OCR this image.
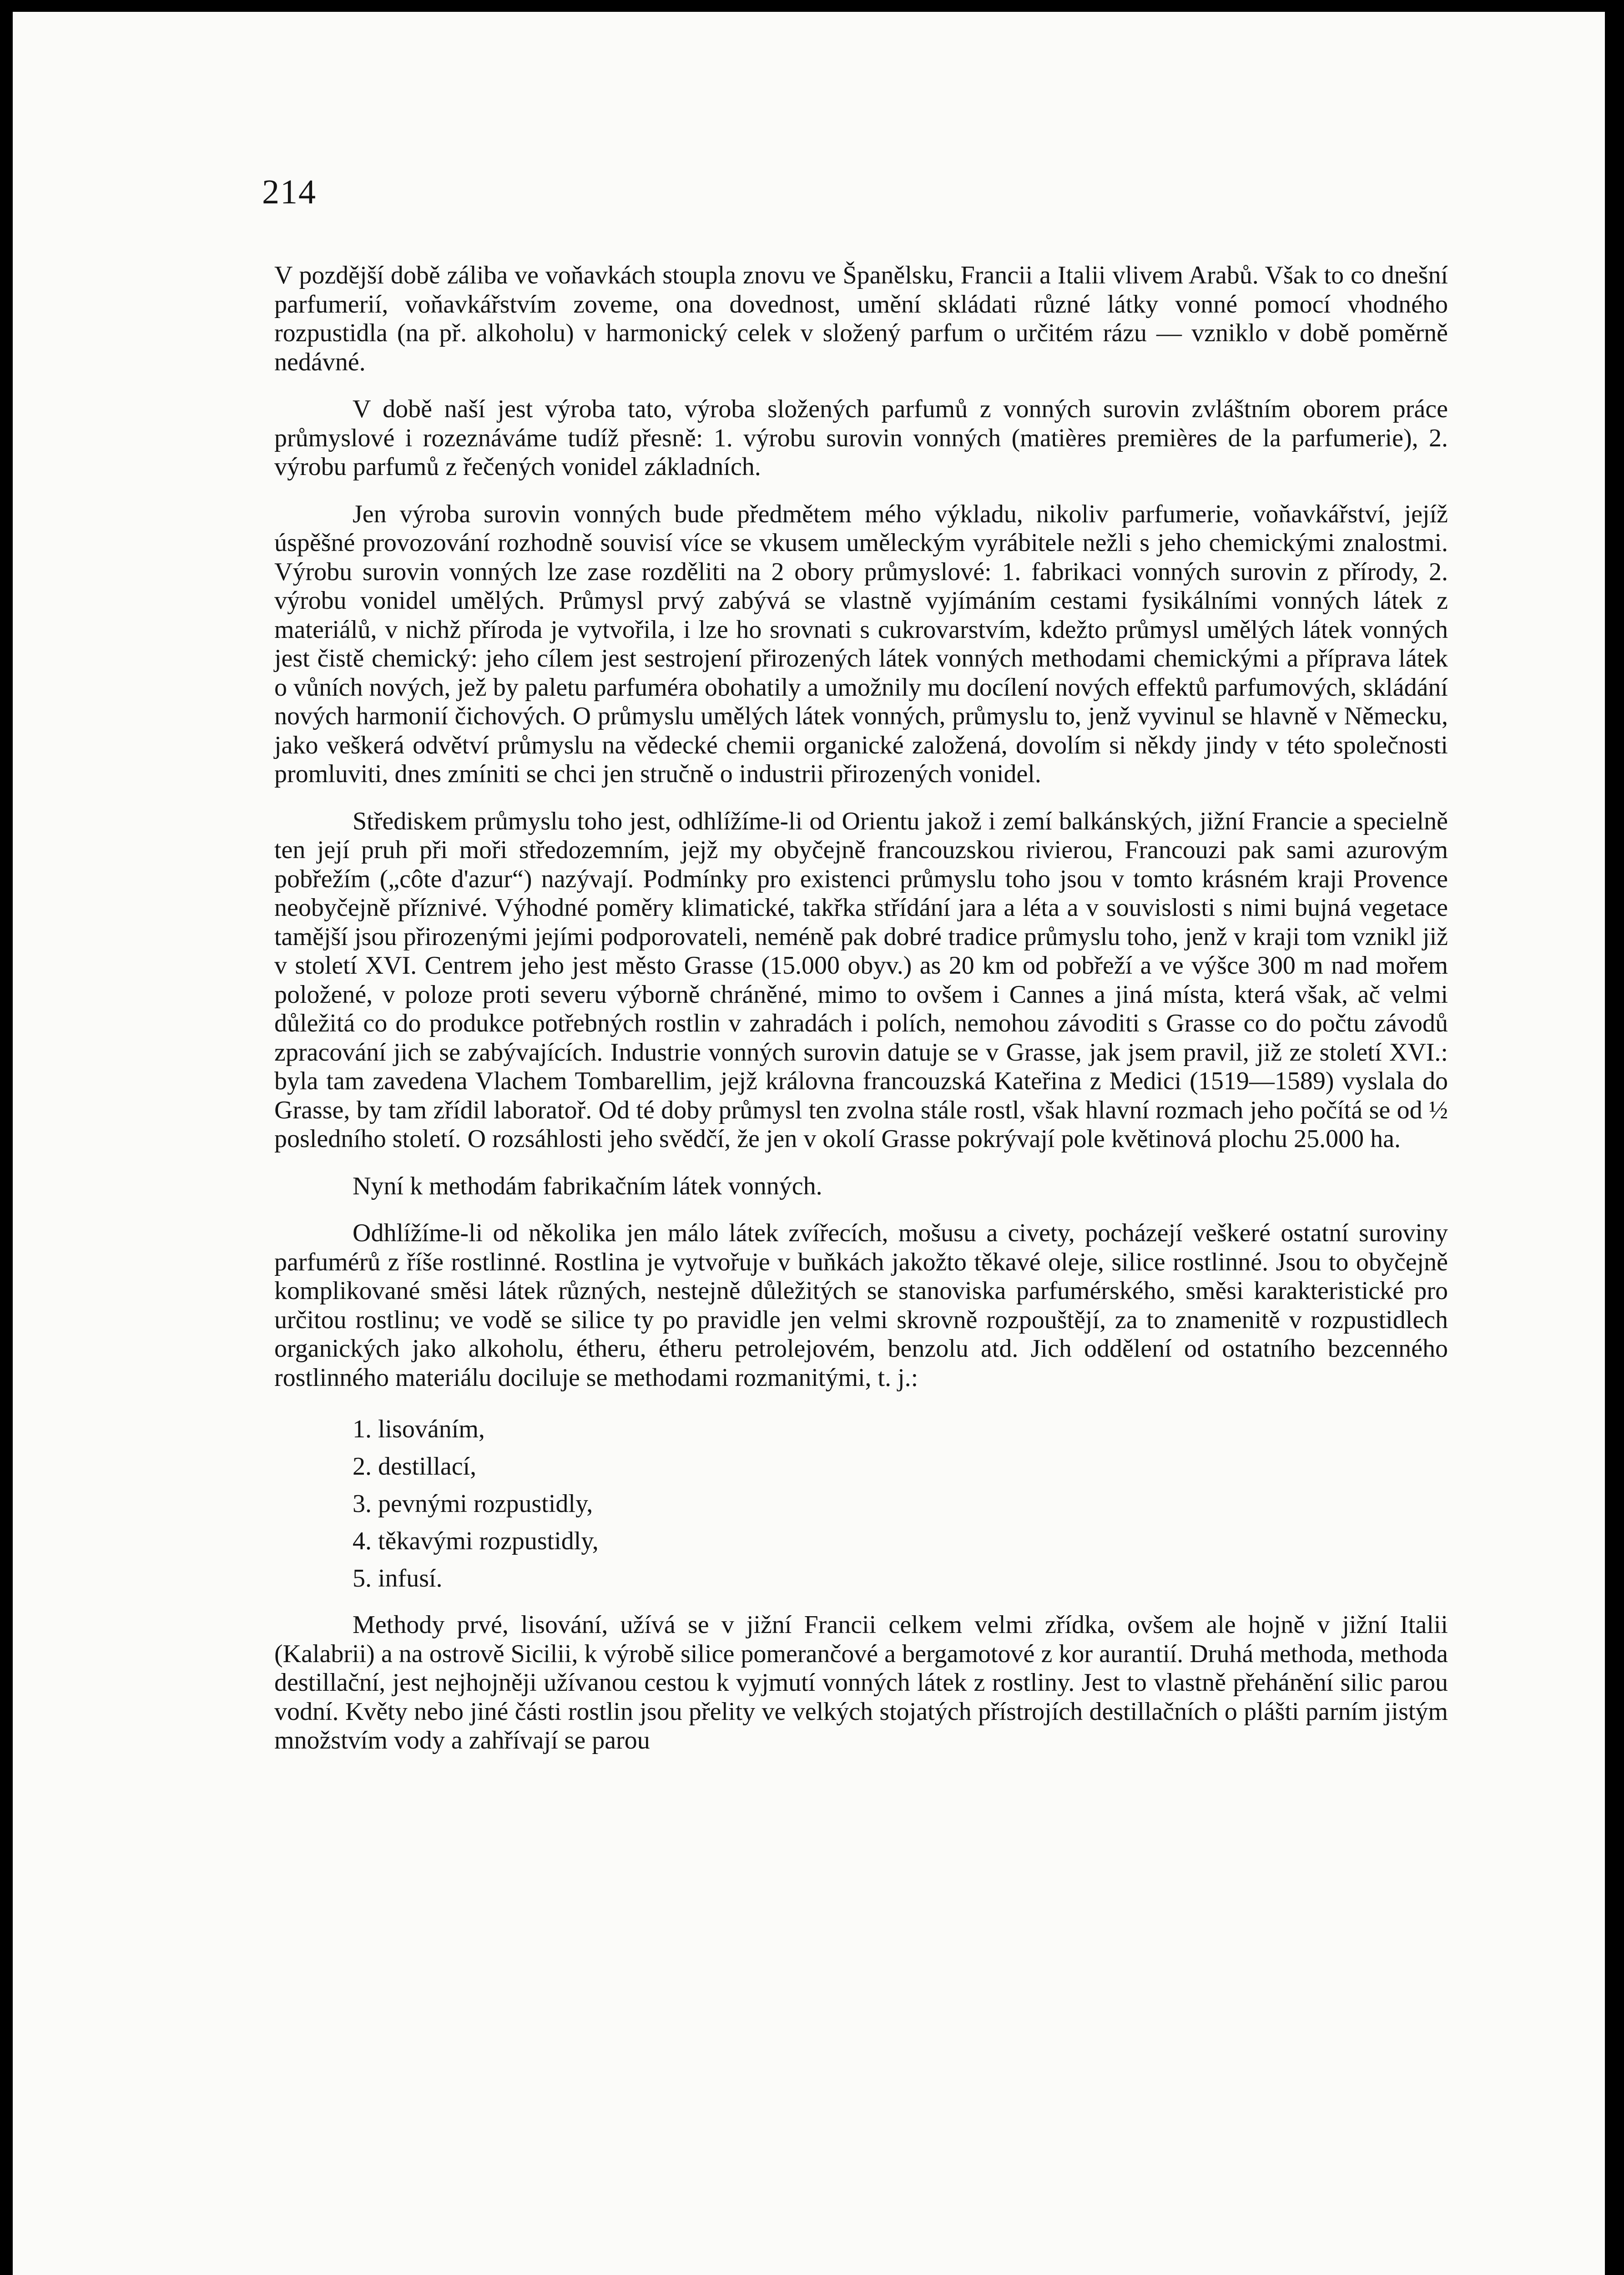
214

V pozdější době záliba ve voňavkách stoupla znovu ve Španělsku, Francii a Italii vlivem Arabů. Však to co dnešní parfumerií, voňavkářstvím zoveme, ona dovednost, umění skládati různé látky vonné pomocí vhodného rozpustidla (na př. alkoholu) v harmonický celek v složený parfum o určitém rázu — vzniklo v době poměrně nedávné.

V době naší jest výroba tato, výroba složených parfumů z vonných surovin zvláštním oborem práce průmyslové i rozeznáváme tudíž přesně: 1. výrobu surovin vonných (matières premières de la parfumerie), 2. výrobu parfumů z řečených vonidel základních.

Jen výroba surovin vonných bude předmětem mého výkladu, nikoliv parfumerie, voňavkářství, jejíž úspěšné provozování rozhodně souvisí více se vkusem uměleckým vyrábitele nežli s jeho chemickými znalostmi. Výrobu surovin vonných lze zase rozděliti na 2 obory průmyslové: 1. fabrikaci vonných surovin z přírody, 2. výrobu vonidel umělých. Průmysl prvý zabývá se vlastně vyjímáním cestami fysikálními vonných látek z materiálů, v nichž příroda je vytvořila, i lze ho srovnati s cukrovarstvím, kdežto průmysl umělých látek vonných jest čistě chemický: jeho cílem jest sestrojení přirozených látek vonných methodami chemickými a příprava látek o vůních nových, jež by paletu parfuméra obohatily a umožnily mu docílení nových effektů parfumových, skládání nových harmonií čichových. O průmyslu umělých látek vonných, průmyslu to, jenž vyvinul se hlavně v Německu, jako veškerá odvětví průmyslu na vědecké chemii organické založená, dovolím si někdy jindy v této společnosti promluviti, dnes zmíniti se chci jen stručně o industrii přirozených vonidel.

Střediskem průmyslu toho jest, odhlížíme-li od Orientu jakož i zemí balkánských, jižní Francie a specielně ten její pruh při moři středozemním, jejž my obyčejně francouzskou rivierou, Francouzi pak sami azurovým pobřežím („côte d'azur“) nazývají. Podmínky pro existenci průmyslu toho jsou v tomto krásném kraji Provence neobyčejně příznivé. Výhodné poměry klimatické, takřka střídání jara a léta a v souvislosti s nimi bujná vegetace tamější jsou přirozenými jejími podporovateli, neméně pak dobré tradice průmyslu toho, jenž v kraji tom vznikl již v století XVI. Centrem jeho jest město Grasse (15.000 obyv.) as 20 km od pobřeží a ve výšce 300 m nad mořem položené, v poloze proti severu výborně chráněné, mimo to ovšem i Cannes a jiná místa, která však, ač velmi důležitá co do produkce potřebných rostlin v zahradách i polích, nemohou závoditi s Grasse co do počtu závodů zpracování jich se zabývajících. Industrie vonných surovin datuje se v Grasse, jak jsem pravil, již ze století XVI.: byla tam zavedena Vlachem Tombarellim, jejž královna francouzská Kateřina z Medici (1519—1589) vyslala do Grasse, by tam zřídil laboratoř. Od té doby průmysl ten zvolna stále rostl, však hlavní rozmach jeho počítá se od ½ posledního století. O rozsáhlosti jeho svědčí, že jen v okolí Grasse pokrývají pole květinová plochu 25.000 ha.

Nyní k methodám fabrikačním látek vonných.

Odhlížíme-li od několika jen málo látek zvířecích, mošusu a civety, pocházejí veškeré ostatní suroviny parfumérů z říše rostlinné. Rostlina je vytvořuje v buňkách jakožto těkavé oleje, silice rostlinné. Jsou to obyčejně komplikované směsi látek různých, nestejně důležitých se stanoviska parfumérského, směsi karakteristické pro určitou rostlinu; ve vodě se silice ty po pravidle jen velmi skrovně rozpouštějí, za to znamenitě v rozpustidlech organických jako alkoholu, étheru, étheru petrolejovém, benzolu atd. Jich oddělení od ostatního bezcenného rostlinného materiálu dociluje se methodami rozmanitými, t. j.:

1. lisováním,
2. destillací,
3. pevnými rozpustidly,
4. těkavými rozpustidly,
5. infusí.

Methody prvé, lisování, užívá se v jižní Francii celkem velmi zřídka, ovšem ale hojně v jižní Italii (Kalabrii) a na ostrově Sicilii, k výrobě silice pomerančové a bergamotové z kor aurantií. Druhá methoda, methoda destillační, jest nejhojněji užívanou cestou k vyjmutí vonných látek z rostliny. Jest to vlastně přehánění silic parou vodní. Květy nebo jiné části rostlin jsou přelity ve velkých stojatých přístrojích destillačních o plášti parním jistým množstvím vody a zahřívají se parou
